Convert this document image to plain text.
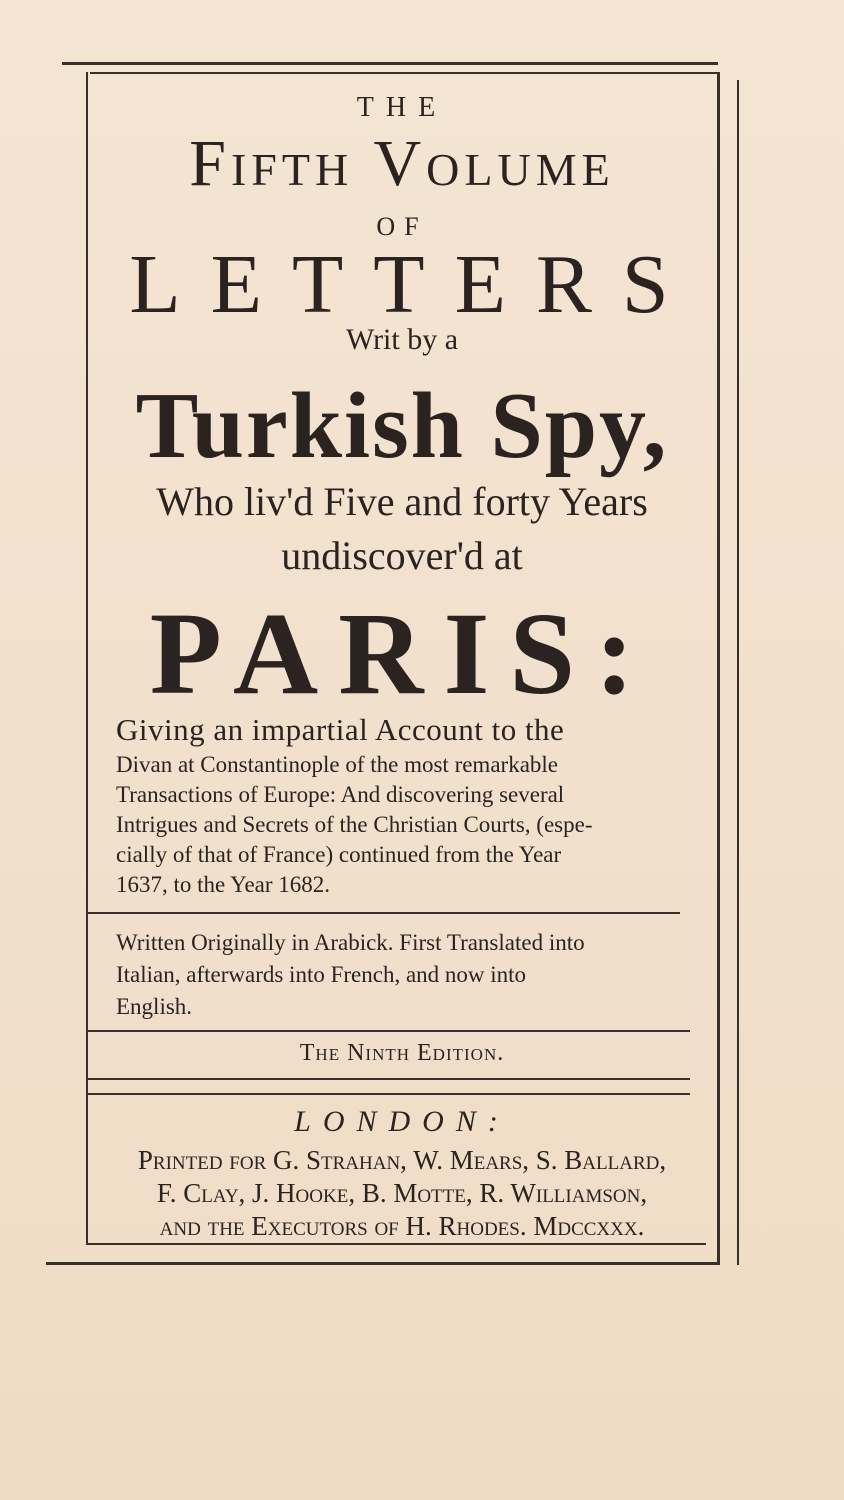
THE
Fifth Volume
OF
LETTERS
Writ by a
Turkish Spy,
Who liv'd Five and forty Years
undiscover'd at
PARIS:
Giving an impartial Account to the
Divan at Constantinople of the most remarkable
Transactions of Europe: And discovering several
Intrigues and Secrets of the Christian Courts, (espe-
cially of that of France) continued from the Year
1637, to the Year 1682.
Written Originally in Arabick. First Translated into
Italian, afterwards into French, and now into
English.
The Ninth Edition.
LONDON:
Printed for G. Strahan, W. Mears, S. Ballard,
F. Clay, J. Hooke, B. Motte, R. Williamson,
and the Executors of H. Rhodes. Mdccxxx.
